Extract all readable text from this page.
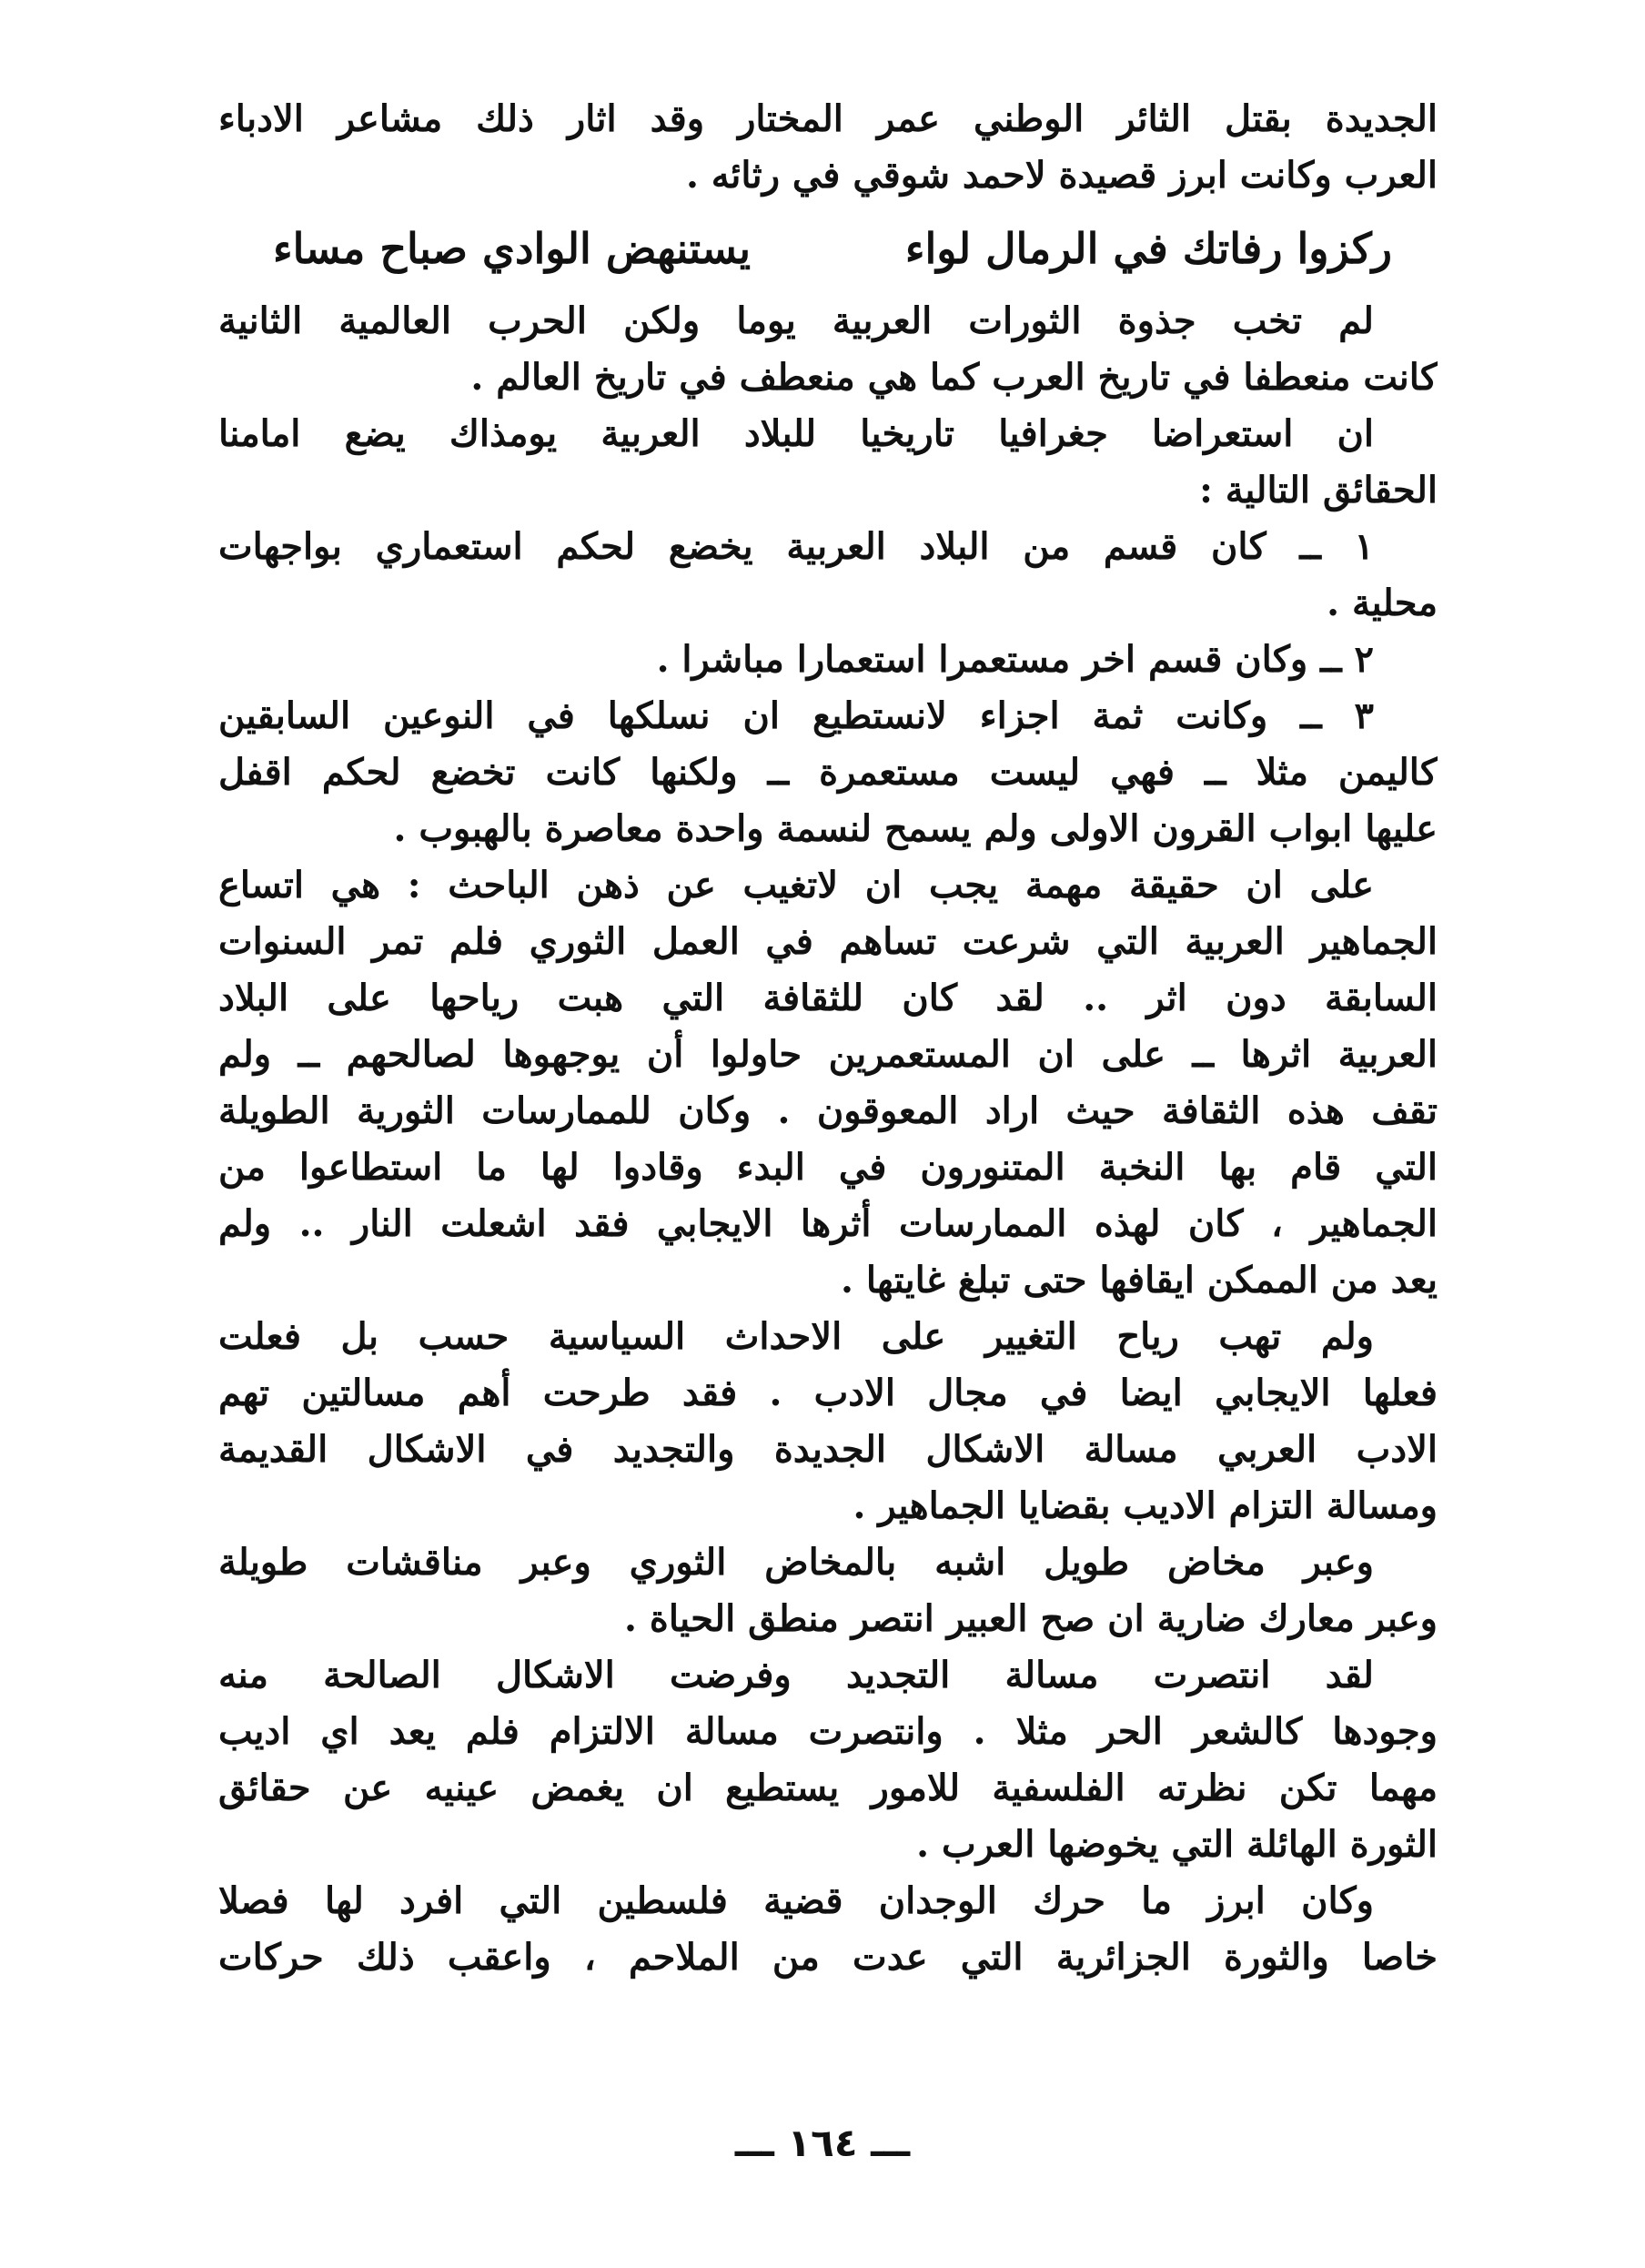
الجديدة بقتل الثائر الوطني عمر المختار وقد اثار ذلك مشاعر الادباء
العرب وكانت ابرز قصيدة لاحمد شوقي في رثائه .
ركزوا رفاتك في الرمال لواء
يستنهض الوادي صباح مساء
لم تخب جذوة الثورات العربية يوما ولكن الحرب العالمية الثانية
كانت منعطفا في تاريخ العرب كما هي منعطف في تاريخ العالم .
ان استعراضا جغرافيا تاريخيا للبلاد العربية يومذاك يضع امامنا
الحقائق التالية :
١ ــ كان قسم من البلاد العربية يخضع لحكم استعماري بواجهات
محلية .
٢ ــ وكان قسم اخر مستعمرا استعمارا مباشرا .
٣ ــ وكانت ثمة اجزاء لانستطيع ان نسلكها في النوعين السابقين
كاليمن مثلا ــ فهي ليست مستعمرة ــ ولكنها كانت تخضع لحكم اقفل
عليها ابواب القرون الاولى ولم يسمح لنسمة واحدة معاصرة بالهبوب .
على ان حقيقة مهمة يجب ان لاتغيب عن ذهن الباحث : هي اتساع
الجماهير العربية التي شرعت تساهم في العمل الثوري فلم تمر السنوات
السابقة دون اثر .. لقد كان للثقافة التي هبت رياحها على البلاد
العربية اثرها ــ على ان المستعمرين حاولوا أن يوجهوها لصالحهم ــ ولم
تقف هذه الثقافة حيث اراد المعوقون . وكان للممارسات الثورية الطويلة
التي قام بها النخبة المتنورون في البدء وقادوا لها ما استطاعوا من
الجماهير ، كان لهذه الممارسات أثرها الايجابي فقد اشعلت النار .. ولم
يعد من الممكن ايقافها حتى تبلغ غايتها .
ولم تهب رياح التغيير على الاحداث السياسية حسب بل فعلت
فعلها الايجابي ايضا في مجال الادب . فقد طرحت أهم مسالتين تهم
الادب العربي مسالة الاشكال الجديدة والتجديد في الاشكال القديمة
ومسالة التزام الاديب بقضايا الجماهير .
وعبر مخاض طويل اشبه بالمخاض الثوري وعبر مناقشات طويلة
وعبر معارك ضارية ان صح العبير انتصر منطق الحياة .
لقد انتصرت مسالة التجديد وفرضت الاشكال الصالحة منه
وجودها كالشعر الحر مثلا . وانتصرت مسالة الالتزام فلم يعد اي اديب
مهما تكن نظرته الفلسفية للامور يستطيع ان يغمض عينيه عن حقائق
الثورة الهائلة التي يخوضها العرب .
وكان ابرز ما حرك الوجدان قضية فلسطين التي افرد لها فصلا
خاصا والثورة الجزائرية التي عدت من الملاحم ، واعقب ذلك حركات
ـــ ١٦٤ ـــ
